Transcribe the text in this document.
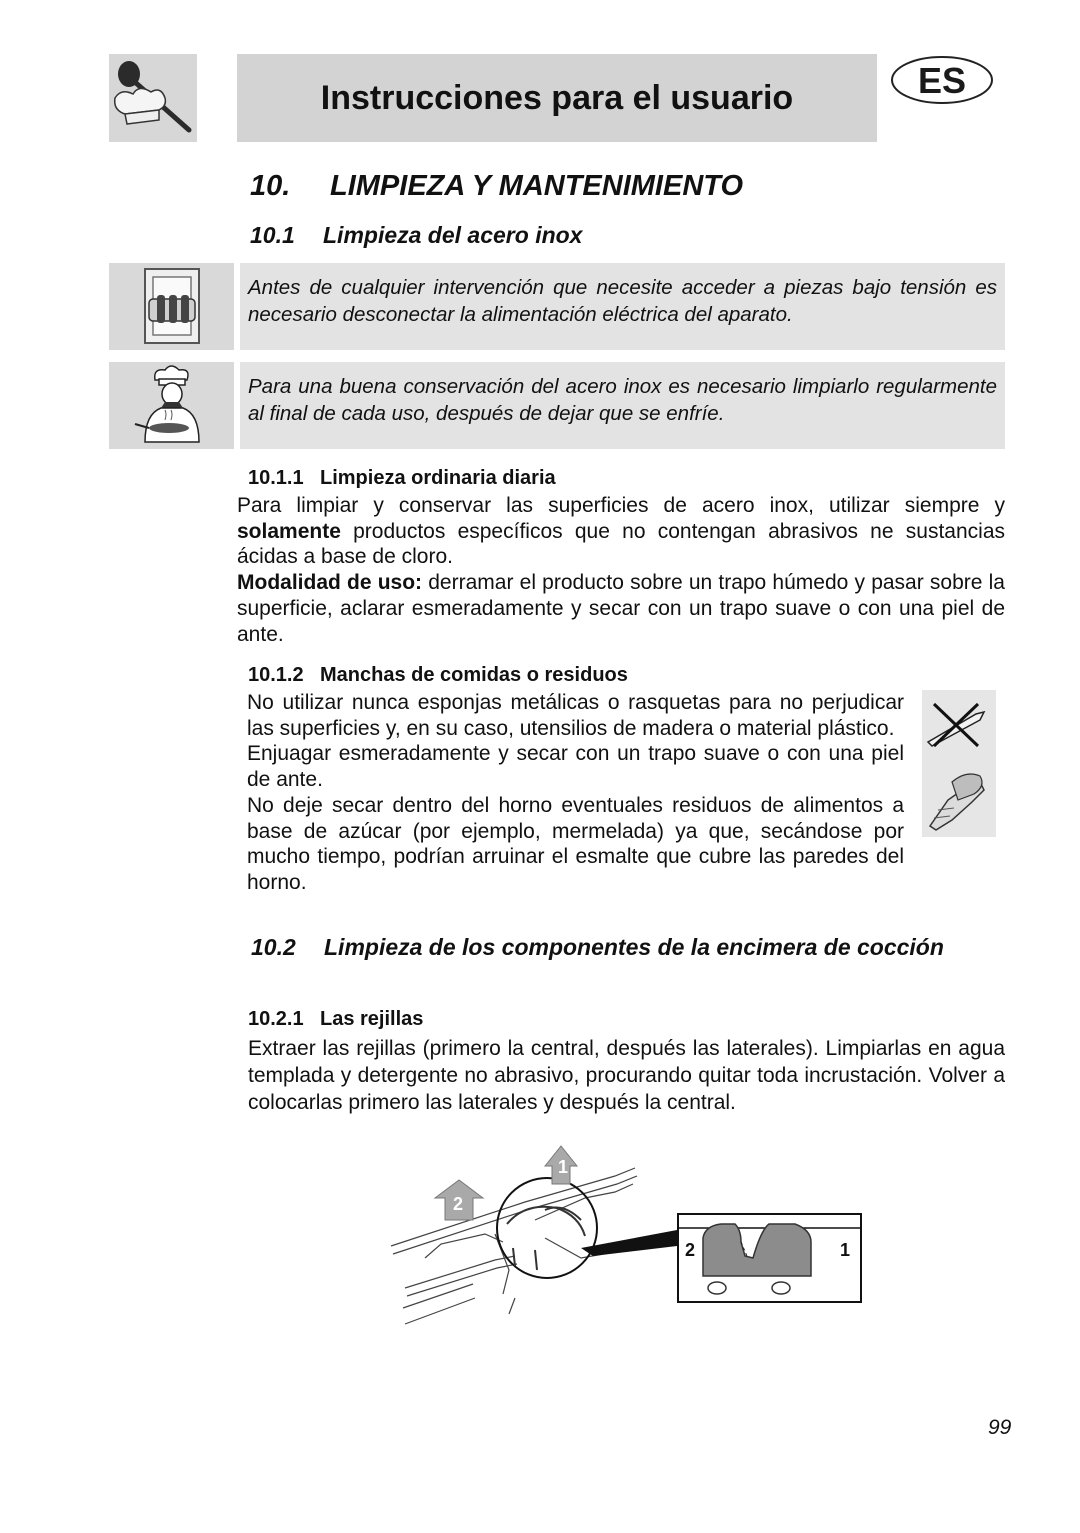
Instrucciones para el usuario	ES
10. LIMPIEZA Y MANTENIMIENTO
10.1 Limpieza del acero inox

Antes de cualquier intervención que necesite acceder a piezas bajo tensión es necesario desconectar la alimentación eléctrica del aparato.

Para una buena conservación del acero inox es necesario limpiarlo regularmente al final de cada uso, después de dejar que se enfríe.

10.1.1 Limpieza ordinaria diaria

Para limpiar y conservar las superficies de acero inox, utilizar siempre y solamente productos específicos que no contengan abrasivos ne sustancias ácidas a base de cloro.

Modalidad de uso: derramar el producto sobre un trapo húmedo y pasar sobre la superficie, aclarar esmeradamente y secar con un trapo suave o con una piel de ante.

10.1.2 Manchas de comidas o residuos

No utilizar nunca esponjas metálicas o rasquetas para no perjudicar las superficies y, en su caso, utensilios de madera o material plástico.

Enjuagar esmeradamente y secar con un trapo suave o con una piel de ante.

No deje secar dentro del horno eventuales residuos de alimentos a base de azúcar (por ejemplo, mermelada) ya que, secándose por mucho tiempo, podrían arruinar el esmalte que cubre las paredes del horno.

10.2	Limpieza de los componentes de la encimera de cocción
10.2.1 Las rejillas

Extraer las rejillas (primero la central, después las laterales). Limpiarlas en agua templada y detergente no abrasivo, procurando quitar toda incrustación. Volver a colocarlas primero las laterales y después la central.

1
2
2	1
99
